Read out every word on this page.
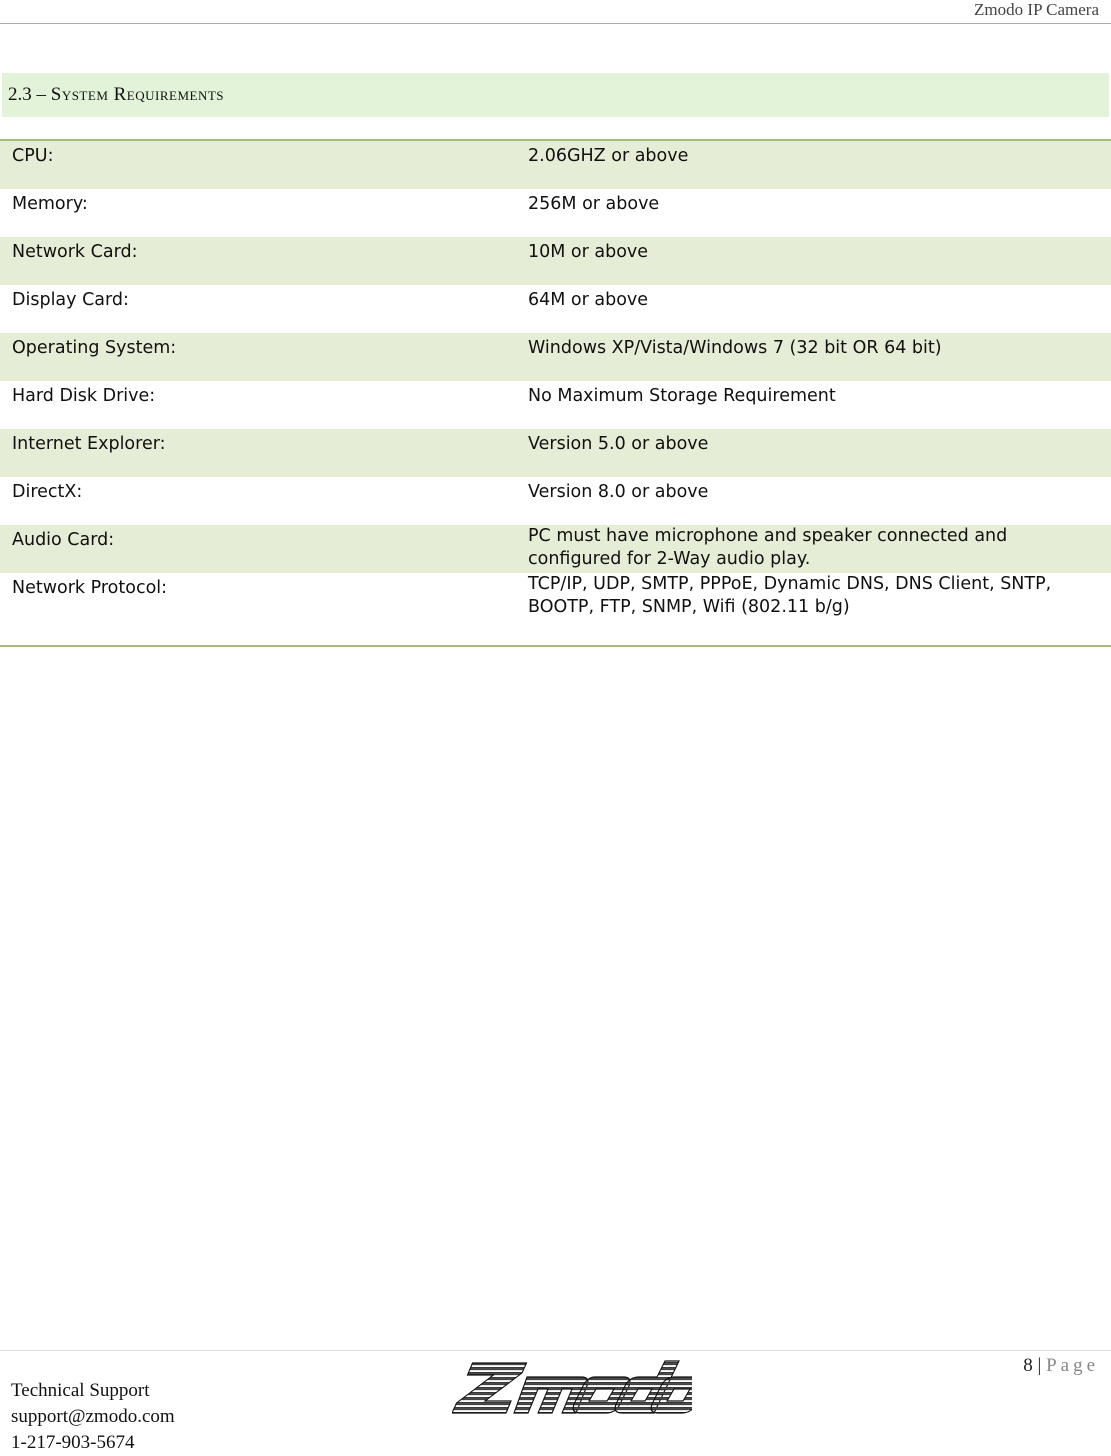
Zmodo IP Camera
2.3 – System Requirements
CPU:	2.06GHZ or above
Memory:	256M or above
Network Card:	10M or above
Display Card:	64M or above
Operating System:	Windows XP/Vista/Windows 7 (32 bit OR 64 bit)
Hard Disk Drive:	No Maximum Storage Requirement
Internet Explorer:	Version 5.0 or above
DirectX:	Version 8.0 or above
Audio Card:	PC must have microphone and speaker connected and configured for 2-Way audio play.
Network Protocol:	TCP/IP, UDP, SMTP, PPPoE, Dynamic DNS, DNS Client, SNTP, BOOTP, FTP, SNMP, Wifi (802.11 b/g)
8 | Page
Technical Support
support@zmodo.com
1-217-903-5674
